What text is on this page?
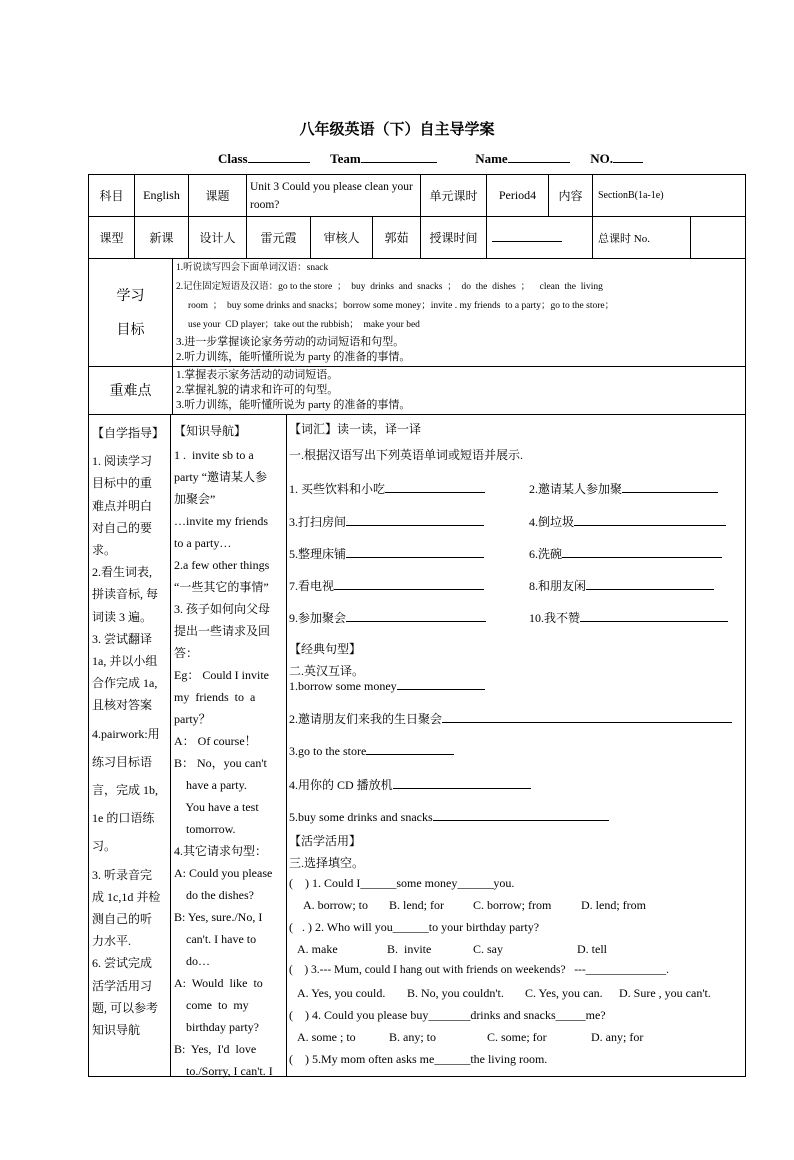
八年级英语（下）自主导学案
Class	Team	Name	NO.
科目	English	课题
Unit 3 Could you please clean your room?
单元课时	Period4	内容	SectionB(1a-1e)
课型	新课	设计人	雷元霞	审核人	郭茹	授课时间	总课时 No.
学习
目标
1.听说读写四会下面单词汉语：snack
2.记住固定短语及汉语：go to the store  ；  buy  drinks  and  snacks  ；  do  the  dishes  ；    clean  the  living
room  ；  buy some drinks and snacks；borrow some money；invite . my friends  to a party；go to the store；
use your  CD player；take out the rubbish；  make your bed
3.进一步掌握谈论家务劳动的动词短语和句型。
2.听力训练，能听懂所说为 party 的准备的事情。
重难点
1.掌握表示家务活动的动词短语。
2.掌握礼貌的请求和许可的句型。
3.听力训练，能听懂所说为 party 的准备的事情。

【自学指导】

1. 阅读学习

目标中的重

难点并明白

对自己的要

求。

2.看生词表,

拼读音标, 每

词读 3 遍。

3. 尝试翻译

1a, 并以小组

合作完成 1a,

且核对答案

4.pairwork:用

练习目标语

言，完成 1b,

1e 的口语练

习。

3. 听录音完

成 1c,1d 并检

测自己的听

力水平.

6. 尝试完成

活学活用习

题, 可以参考

知识导航

【知识导航】

1 .  invite sb to a

party “邀请某人参

加聚会”

…invite my friends

to a party…

2.a few other things

“一些其它的事情”

3. 孩子如何向父母

提出一些请求及回

答：

Eg： Could I invite

my  friends  to  a

party？

A： Of course！

B： No，you can't

have a party.

You have a test

tomorrow.

4.其它请求句型：

A: Could you please

do the dishes?

B: Yes, sure./No, I

can't. I have to

do…

A:  Would  like  to

come  to  my

birthday party?

B:  Yes,  I'd  love

to./Sorry, I can't. I

【词汇】读一读，译一译
一.根据汉语写出下列英语单词或短语并展示.
1. 买些饮料和小吃	2.邀请某人参加聚
3.打扫房间	4.倒垃圾
5.整理床铺	6.洗碗
7.看电视	8.和朋友闲
9.参加聚会	10.我不赞
【经典句型】
二.英汉互译。
1.borrow some money
2.邀请朋友们来我的生日聚会
3.go to the store
4.用你的 CD 播放机
5.buy some drinks and snacks
【活学活用】
三.选择填空。
(    ) 1. Could I______some money______you.
A. borrow; to B. lend; for C. borrow; from D. lend; from
(   . ) 2. Who will you______to your birthday party?
A. make	B.  invite	C. say	D. tell
(    ) 3.--- Mum, could I hang out with friends on weekends?   ---______________.
A. Yes, you could. B. No, you couldn't. C. Yes, you can. D. Sure , you can't.
(    ) 4. Could you please buy_______drinks and snacks_____me?
A. some ; to	B. any; to	C. some; for	D. any; for
(    ) 5.My mom often asks me______the living room.
